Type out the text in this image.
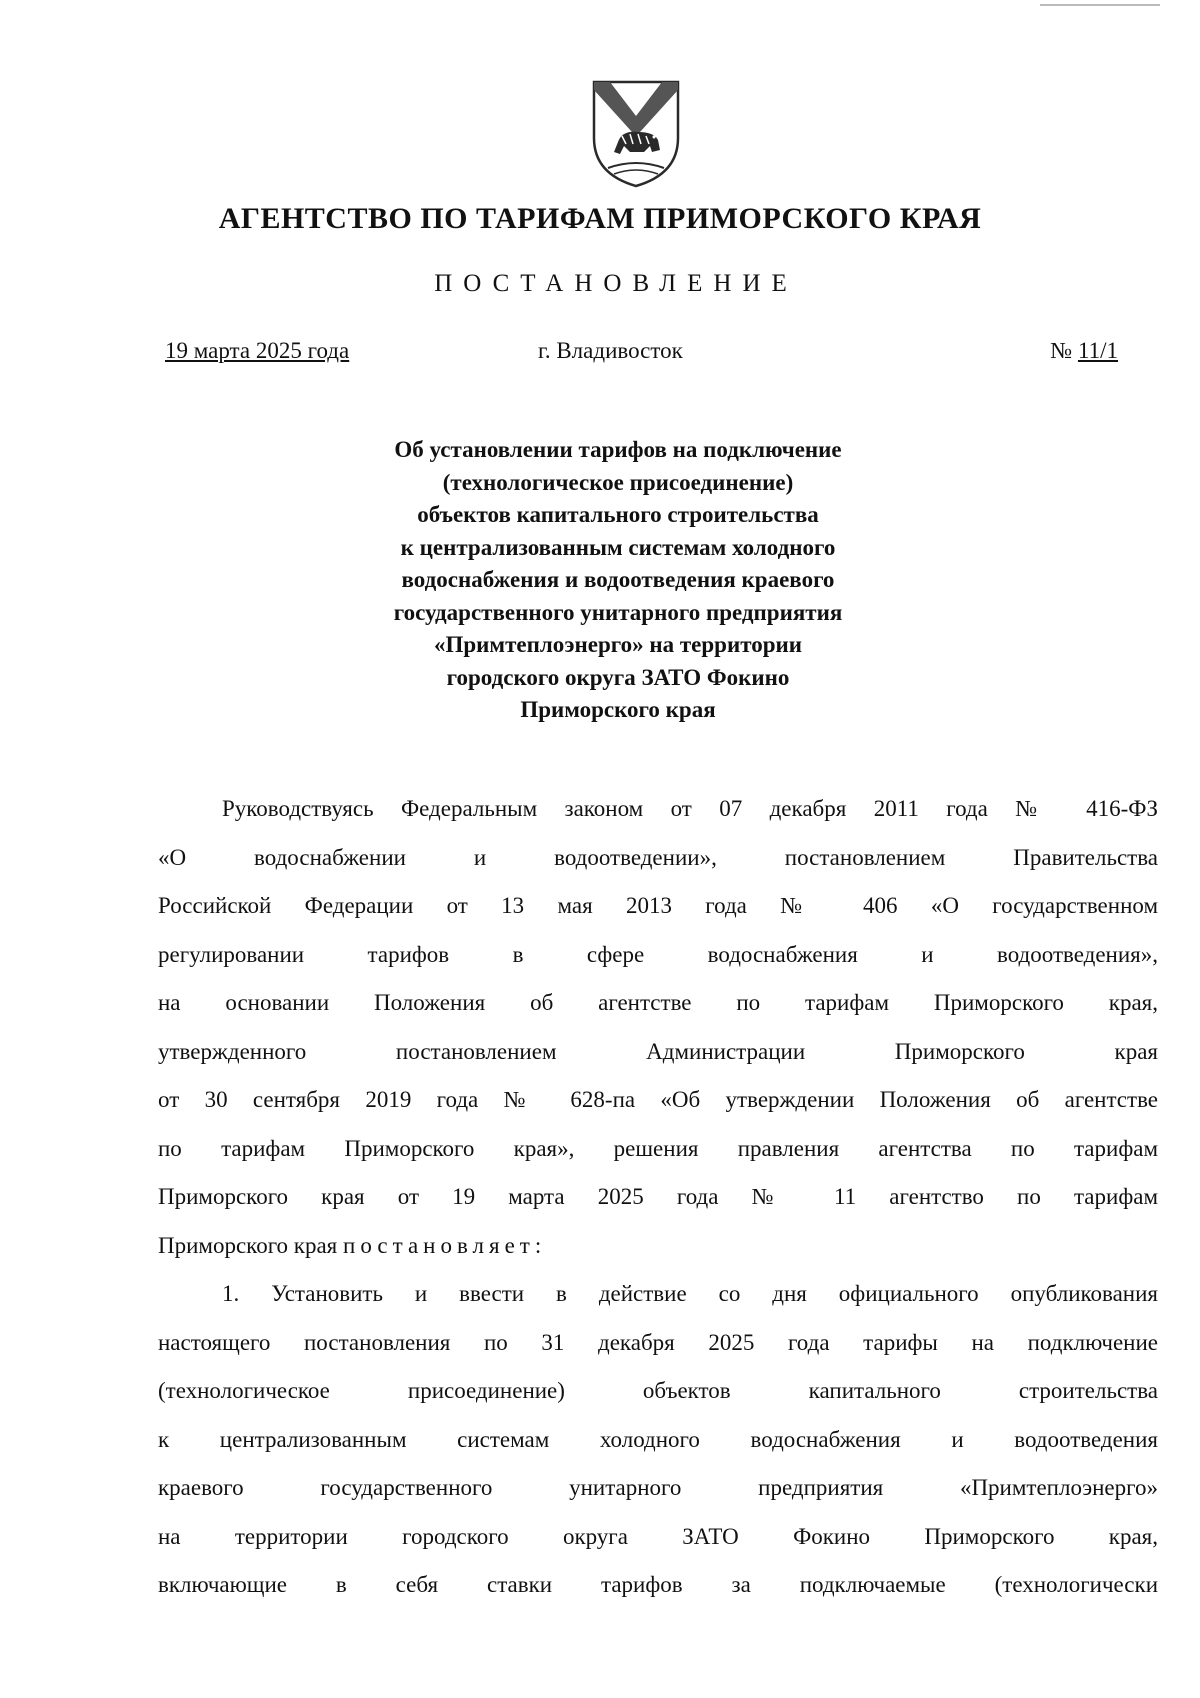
АГЕНТСТВО ПО ТАРИФАМ ПРИМОРСКОГО КРАЯ
ПОСТАНОВЛЕНИЕ
19 марта 2025 года	г. Владивосток	№ 11/1
Об установлении тарифов на подключение
(технологическое присоединение)
объектов капитального строительства
к централизованным системам холодного
водоснабжения и водоотведения краевого
государственного унитарного предприятия
«Примтеплоэнерго» на территории
городского округа ЗАТО Фокино
Приморского края
Руководствуясь Федеральным законом от 07 декабря 2011 года № 416-ФЗ
«О водоснабжении и водоотведении», постановлением Правительства
Российской Федерации от 13 мая 2013 года № 406 «О государственном
регулировании тарифов в сфере водоснабжения и водоотведения»,
на основании Положения об агентстве по тарифам Приморского края,
утвержденного постановлением Администрации Приморского края
от 30 сентября 2019 года № 628-па «Об утверждении Положения об агентстве
по тарифам Приморского края», решения правления агентства по тарифам
Приморского края от 19 марта 2025 года № 11 агентство по тарифам
Приморского края постановляет:
1. Установить и ввести в действие со дня официального опубликования
настоящего постановления по 31 декабря 2025 года тарифы на подключение
(технологическое присоединение) объектов капитального строительства
к централизованным системам холодного водоснабжения и водоотведения
краевого государственного унитарного предприятия «Примтеплоэнерго»
на территории городского округа ЗАТО Фокино Приморского края,
включающие в себя ставки тарифов за подключаемые (технологически
